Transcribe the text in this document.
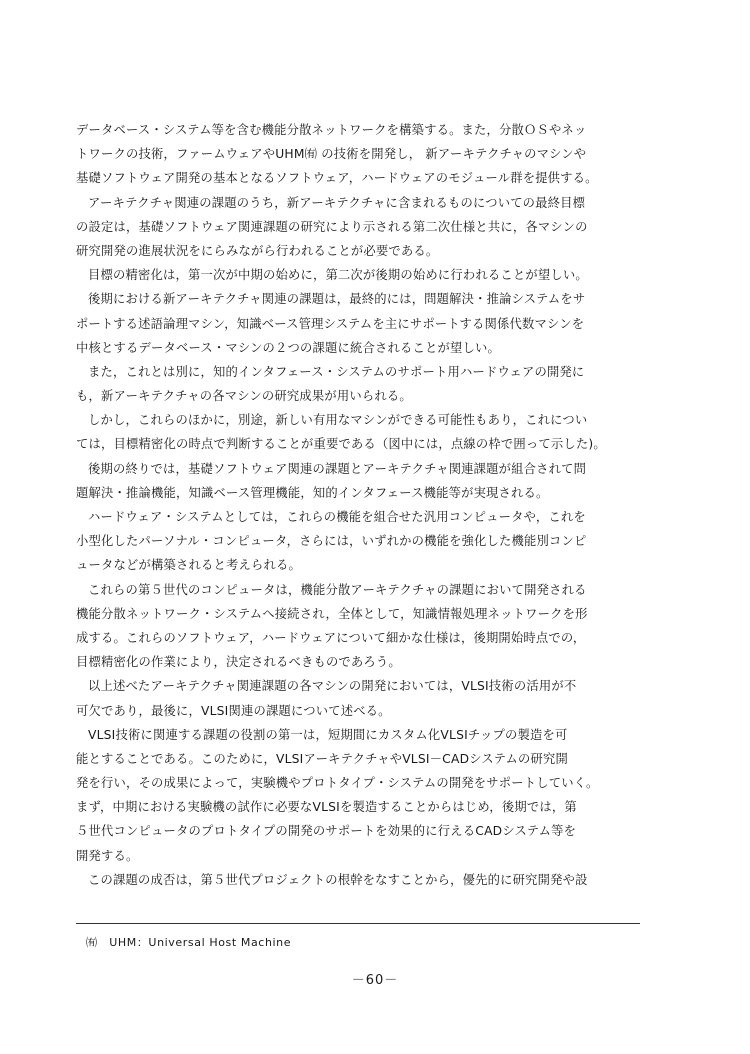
データベース・システム等を含む機能分散ネットワークを構築する。また，分散ＯＳやネッ
トワークの技術，ファームウェアやUHM㈲ の技術を開発し， 新アーキテクチャのマシンや
基礎ソフトウェア開発の基本となるソフトウェア，ハードウェアのモジュール群を提供する。
アーキテクチャ関連の課題のうち，新アーキテクチャに含まれるものについての最終目標
の設定は，基礎ソフトウェア関連課題の研究により示される第二次仕様と共に，各マシンの
研究開発の進展状況をにらみながら行われることが必要である。
目標の精密化は，第一次が中期の始めに，第二次が後期の始めに行われることが望しい。
後期における新アーキテクチャ関連の課題は，最終的には，問題解決・推論システムをサ
ポートする述語論理マシン，知識ベース管理システムを主にサポートする関係代数マシンを
中核とするデータベース・マシンの２つの課題に統合されることが望しい。
また，これとは別に，知的インタフェース・システムのサポート用ハードウェアの開発に
も，新アーキテクチャの各マシンの研究成果が用いられる。
しかし，これらのほかに，別途，新しい有用なマシンができる可能性もあり，これについ
ては，目標精密化の時点で判断することが重要である（図中には，点線の枠で囲って示した)。
後期の終りでは，基礎ソフトウェア関連の課題とアーキテクチャ関連課題が組合されて問
題解決・推論機能，知識ベース管理機能，知的インタフェース機能等が実現される。
ハードウェア・システムとしては，これらの機能を組合せた汎用コンピュータや，これを
小型化したパーソナル・コンピュータ，さらには，いずれかの機能を強化した機能別コンピ
ュータなどが構築されると考えられる。
これらの第５世代のコンピュータは，機能分散アーキテクチャの課題において開発される
機能分散ネットワーク・システムへ接続され，全体として，知識情報処理ネットワークを形
成する。これらのソフトウェア，ハードウェアについて細かな仕様は，後期開始時点での，
目標精密化の作業により，決定されるべきものであろう。
以上述べたアーキテクチャ関連課題の各マシンの開発においては，VLSI技術の活用が不
可欠であり，最後に，VLSI関連の課題について述べる。
VLSI技術に関連する課題の役割の第一は，短期間にカスタム化VLSIチップの製造を可
能とすることである。このために，VLSIアーキテクチャやVLSI－CADシステムの研究開
発を行い，その成果によって，実験機やプロトタイプ・システムの開発をサポートしていく。
まず，中期における実験機の試作に必要なVLSIを製造することからはじめ，後期では，第
５世代コンピュータのプロトタイプの開発のサポートを効果的に行えるCADシステム等を
開発する。
この課題の成否は，第５世代プロジェクトの根幹をなすことから，優先的に研究開発や設
㈲　UHM：Universal Host Machine
－60－
